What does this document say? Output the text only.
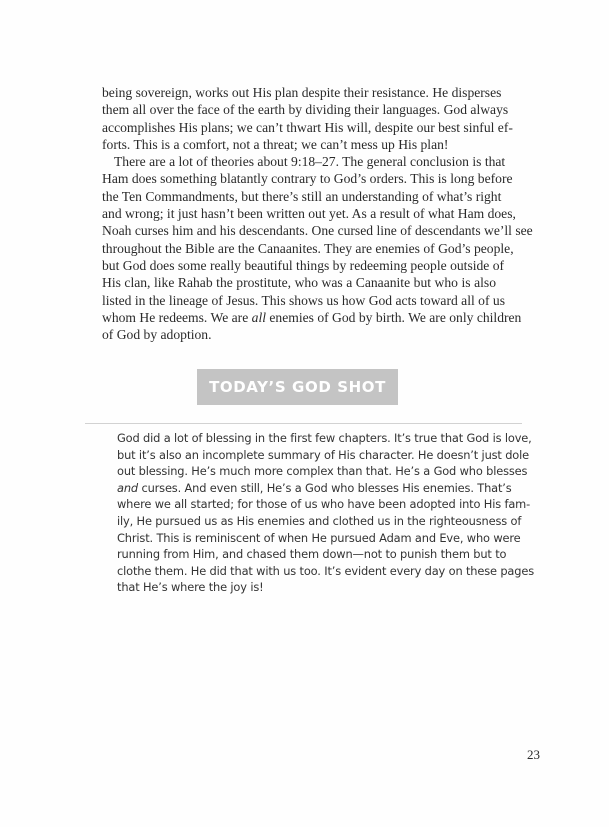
being sovereign, works out His plan despite their resistance. He disperses
them all over the face of the earth by dividing their languages. God always
accomplishes His plans; we can’t thwart His will, despite our best sinful ef-
forts. This is a comfort, not a threat; we can’t mess up His plan!

There are a lot of theories about 9:18–27. The general conclusion is that
Ham does something blatantly contrary to God’s orders. This is long before
the Ten Commandments, but there’s still an understanding of what’s right
and wrong; it just hasn’t been written out yet. As a result of what Ham does,
Noah curses him and his descendants. One cursed line of descendants we’ll see
throughout the Bible are the Canaanites. They are enemies of God’s people,
but God does some really beautiful things by redeeming people outside of
His clan, like Rahab the prostitute, who was a Canaanite but who is also
listed in the lineage of Jesus. This shows us how God acts toward all of us
whom He redeems. We are all enemies of God by birth. We are only children
of God by adoption.

TODAY’S GOD SHOT
God did a lot of blessing in the first few chapters. It’s true that God is love,
but it’s also an incomplete summary of His character. He doesn’t just dole
out blessing. He’s much more complex than that. He’s a God who blesses
and curses. And even still, He’s a God who blesses His enemies. That’s
where we all started; for those of us who have been adopted into His fam-
ily, He pursued us as His enemies and clothed us in the righteousness of
Christ. This is reminiscent of when He pursued Adam and Eve, who were
running from Him, and chased them down—not to punish them but to
clothe them. He did that with us too. It’s evident every day on these pages
that He’s where the joy is!
23
